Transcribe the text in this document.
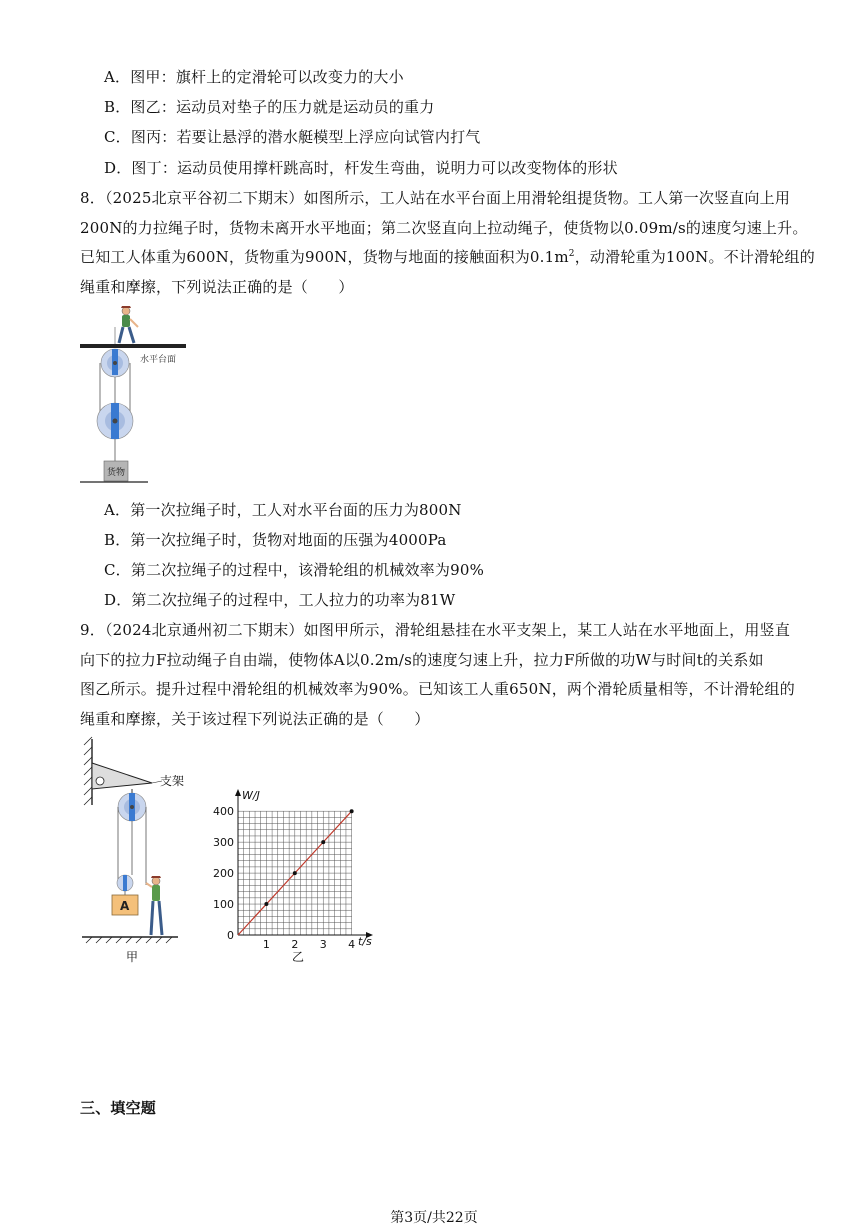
A．图甲：旗杆上的定滑轮可以改变力的大小
B．图乙：运动员对垫子的压力就是运动员的重力
C．图丙：若要让悬浮的潜水艇模型上浮应向试管内打气
D．图丁：运动员使用撑杆跳高时，杆发生弯曲，说明力可以改变物体的形状
8．（2025北京平谷初二下期末）如图所示，工人站在水平台面上用滑轮组提货物。工人第一次竖直向上用
200N的力拉绳子时，货物未离开水平地面；第二次竖直向上拉动绳子，使货物以0.09m/s的速度匀速上升。
已知工人体重为600N，货物重为900N，货物与地面的接触面积为$0.1m^2$，动滑轮重为100N。不计滑轮组的
绳重和摩擦，下列说法正确的是（　　）
水平台面
货物
A．第一次拉绳子时，工人对水平台面的压力为800N
B．第一次拉绳子时，货物对地面的压强为4000Pa
C．第二次拉绳子的过程中，该滑轮组的机械效率为90%
D．第二次拉绳子的过程中，工人拉力的功率为81W
9．（2024北京通州初二下期末）如图甲所示，滑轮组悬挂在水平支架上，某工人站在水平地面上，用竖直
向下的拉力F拉动绳子自由端，使物体A以0.2m/s的速度匀速上升，拉力F所做的功W与时间t的关系如
图乙所示。提升过程中滑轮组的机械效率为90%。已知该工人重650N，两个滑轮质量相等，不计滑轮组的
绳重和摩擦，关于该过程下列说法正确的是（　　）
支架
A
甲
0
100
200
300
400
1 2 3 4
W/J
t/s
乙
三、填空题
第3页/共22页
